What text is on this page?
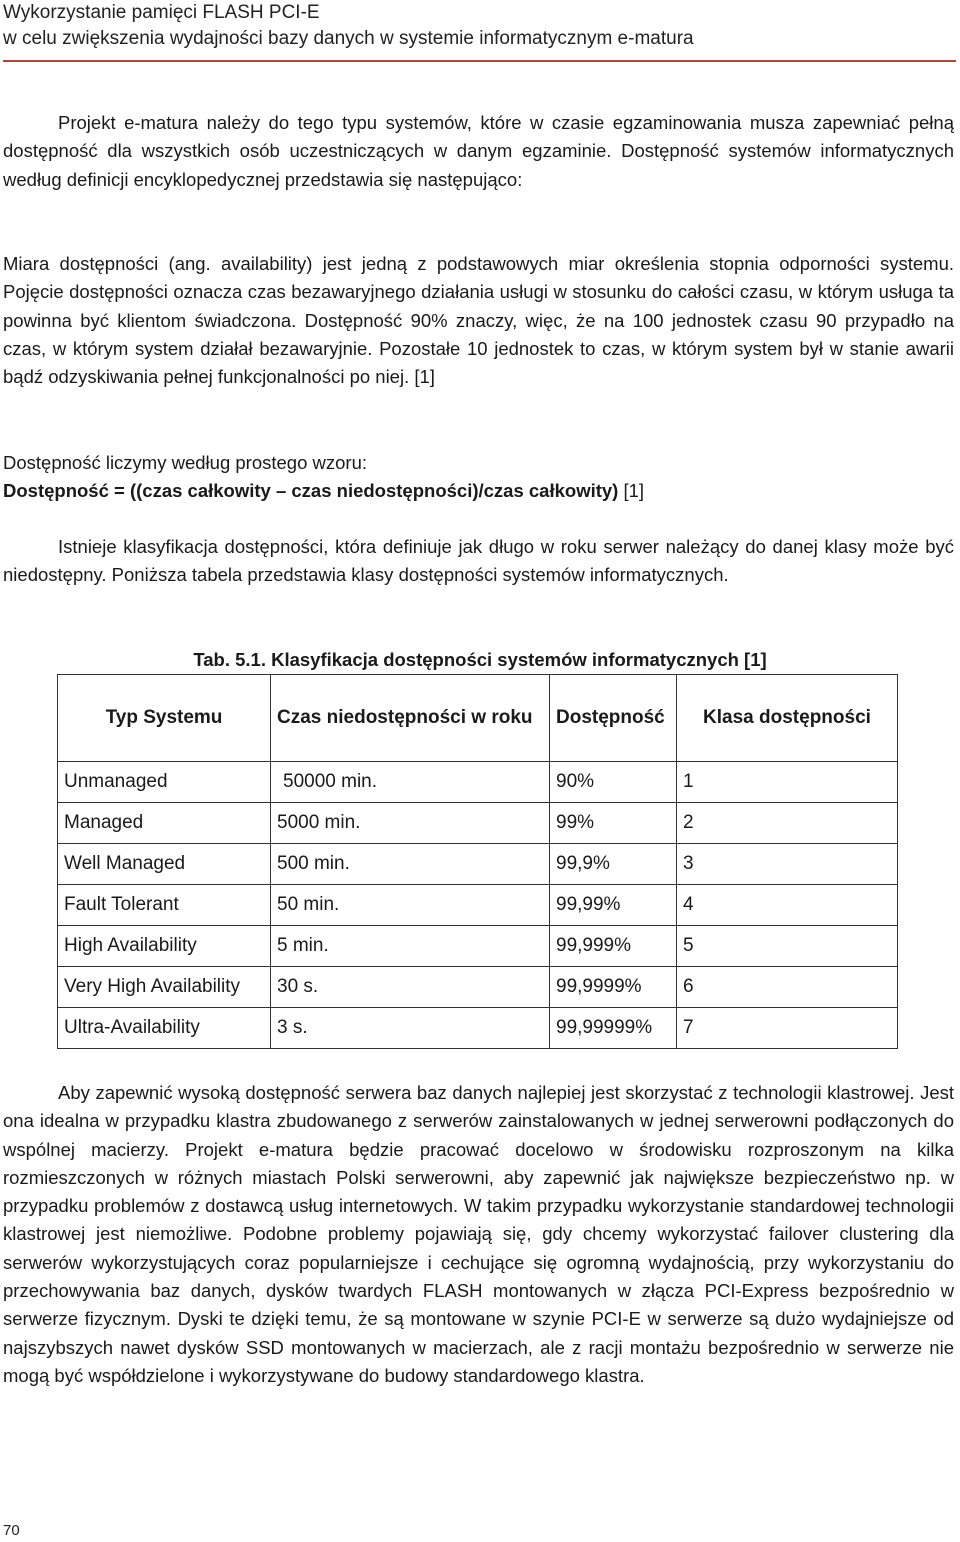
Wykorzystanie pamięci FLASH PCI-E
w celu zwiększenia wydajności bazy danych w systemie informatycznym e-matura

Projekt e-matura należy do tego typu systemów, które w czasie egzaminowania musza zapewniać pełną dostępność dla wszystkich osób uczestniczących w danym egzaminie. Dostępność systemów informatycznych według definicji encyklopedycznej przedstawia się następująco:

Miara dostępności (ang. availability) jest jedną z podstawowych miar określenia stopnia odporności systemu. Pojęcie dostępności oznacza czas bezawaryjnego działania usługi w stosunku do całości czasu, w którym usługa ta powinna być klientom świadczona. Dostępność 90% znaczy, więc, że na 100 jednostek czasu 90 przypadło na czas, w którym system działał bezawaryjnie. Pozostałe 10 jednostek to czas, w którym system był w stanie awarii bądź odzyskiwania pełnej funkcjonalności po niej. [1]

Dostępność liczymy według prostego wzoru:

Dostępność = ((czas całkowity – czas niedostępności)/czas całkowity) [1]

Istnieje klasyfikacja dostępności, która definiuje jak długo w roku serwer należący do danej klasy może być niedostępny. Poniższa tabela przedstawia klasy dostępności systemów informatycznych.

Tab. 5.1. Klasyfikacja dostępności systemów informatycznych [1]
Typ Systemu	Czas niedostępności w roku	Dostępność	Klasa dostępności
Unmanaged	50000 min.	90%	1
Managed	5000 min.	99%	2
Well Managed	500 min.	99,9%	3
Fault Tolerant	50 min.	99,99%	4
High Availability	5 min.	99,999%	5
Very High Availability	30 s.	99,9999%	6
Ultra-Availability	3 s.	99,99999%	7

Aby zapewnić wysoką dostępność serwera baz danych najlepiej jest skorzystać z technologii klastrowej. Jest ona idealna w przypadku klastra zbudowanego z serwerów zainstalowanych w jednej serwerowni podłączonych do wspólnej macierzy. Projekt e-matura będzie pracować docelowo w środowisku rozproszonym na kilka rozmieszczonych w różnych miastach Polski serwerowni, aby zapewnić jak największe bezpieczeństwo np. w przypadku problemów z dostawcą usług internetowych. W takim przypadku wykorzystanie standardowej technologii klastrowej jest niemożliwe. Podobne problemy pojawiają się, gdy chcemy wykorzystać failover clustering dla serwerów wykorzystujących coraz popularniejsze i cechujące się ogromną wydajnością, przy wykorzystaniu do przechowywania baz danych, dysków twardych FLASH montowanych w złącza PCI-Express bezpośrednio w serwerze fizycznym. Dyski te dzięki temu, że są montowane w szynie PCI-E w serwerze są dużo wydajniejsze od najszybszych nawet dysków SSD montowanych w macierzach, ale z racji montażu bezpośrednio w serwerze nie mogą być współdzielone i wykorzystywane do budowy standardowego klastra.

70
